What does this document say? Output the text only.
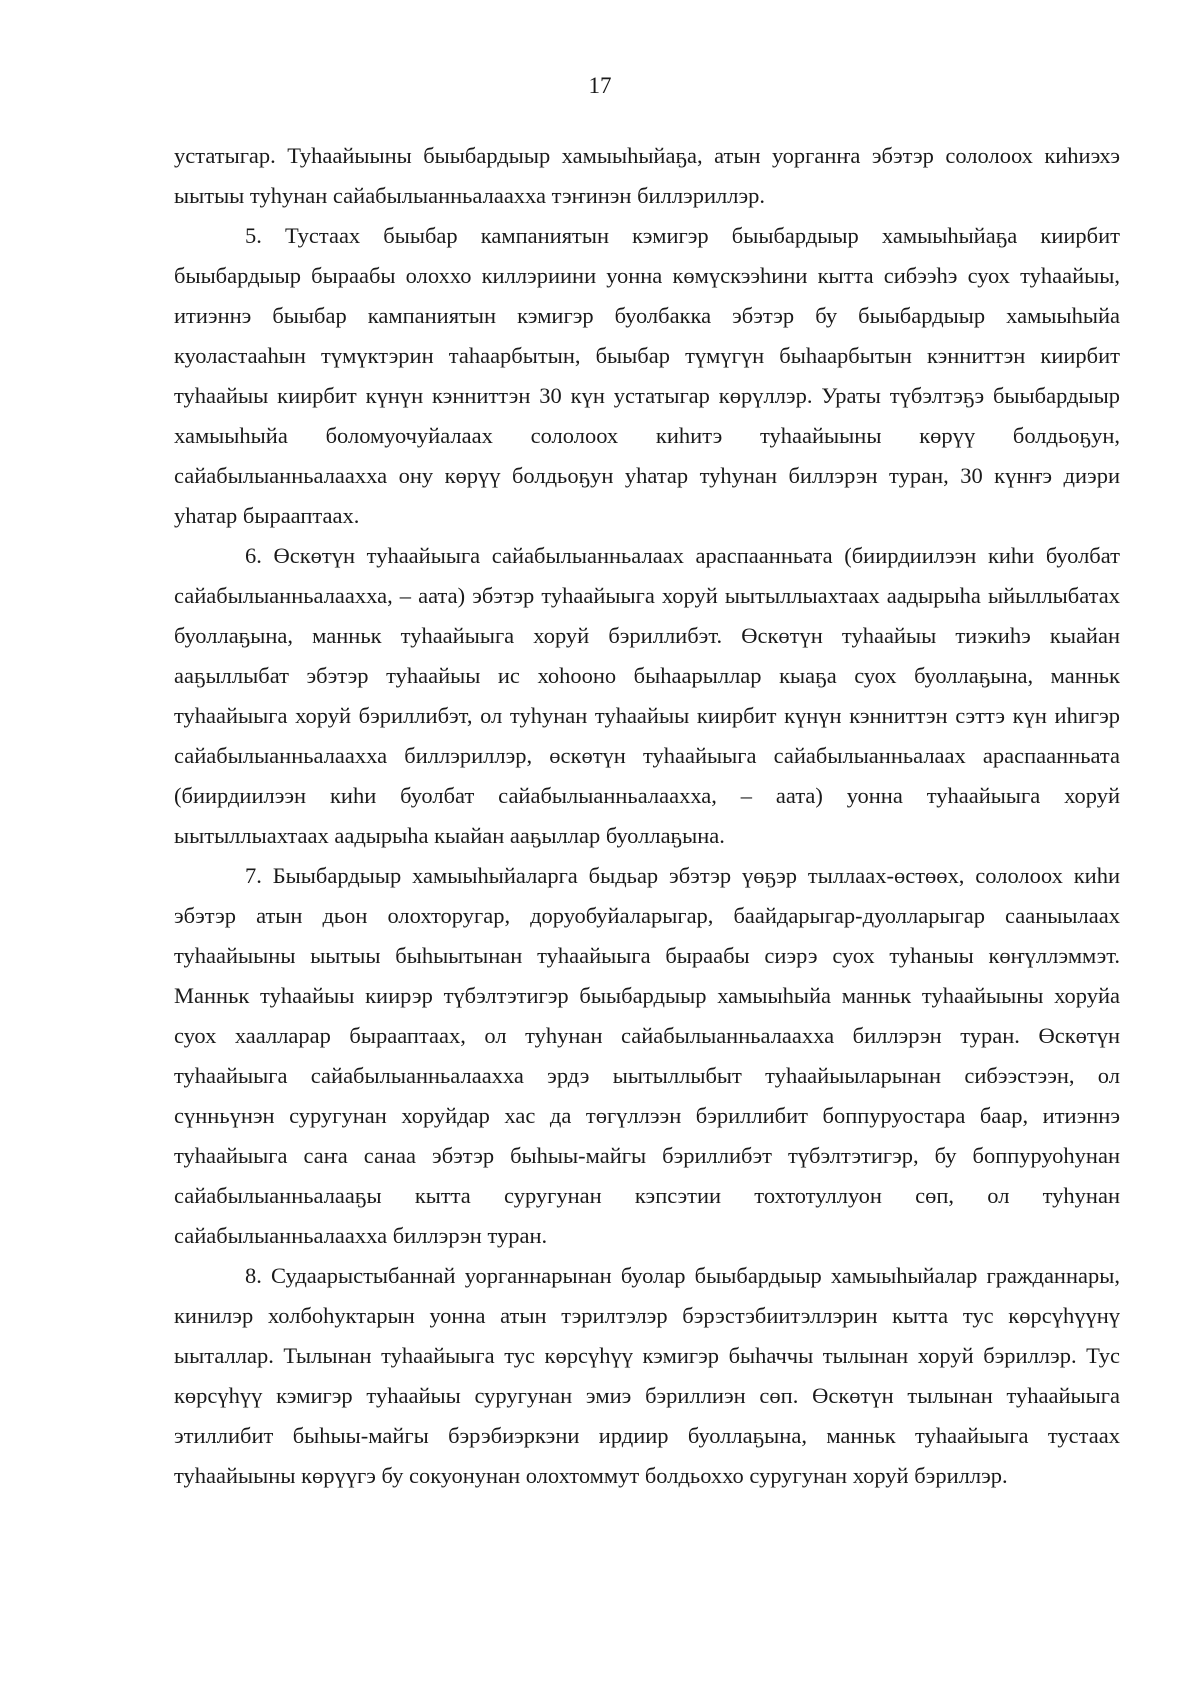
17

устатыгар. Туһаайыыны быыбардыыр хамыыһыйаҕа, атын уорганҥа эбэтэр сололоох киһиэхэ ыытыы туһунан сайабылыанньалаахха тэҥинэн биллэриллэр.

5. Тустаах быыбар кампаниятын кэмигэр быыбардыыр хамыыһыйаҕа киирбит быыбардыыр быраабы олоххо киллэриини уонна көмүскээһини кытта сибээһэ суох туһаайыы, итиэннэ быыбар кампаниятын кэмигэр буолбакка эбэтэр бу быыбардыыр хамыыһыйа куоластааһын түмүктэрин таһаарбытын, быыбар түмүгүн быһаарбытын кэнниттэн киирбит туһаайыы киирбит күнүн кэнниттэн 30 күн устатыгар көрүллэр. Ураты түбэлтэҕэ быыбардыыр хамыыһыйа боломуочуйалаах сололоох киһитэ туһаайыыны көрүү болдьоҕун, сайабылыанньалаахха ону көрүү болдьоҕун уһатар туһунан биллэрэн туран, 30 күнҥэ диэри уһатар бырааптаах.

6. Өскөтүн туһаайыыга сайабылыанньалаах араспаанньата (биирдиилээн киһи буолбат сайабылыанньалаахха, – аата) эбэтэр туһаайыыга хоруй ыытыллыахтаах аадырыһа ыйыллыбатах буоллаҕына, манньк туһаайыыга хоруй бэриллибэт. Өскөтүн туһаайыы тиэкиһэ кыайан ааҕыллыбат эбэтэр туһаайыы ис хоһооно быһаарыллар кыаҕа суох буоллаҕына, манньк туһаайыыга хоруй бэриллибэт, ол туһунан туһаайыы киирбит күнүн кэнниттэн сэттэ күн иһигэр сайабылыанньалаахха биллэриллэр, өскөтүн туһаайыыга сайабылыанньалаах араспаанньата (биирдиилээн киһи буолбат сайабылыанньалаахха, – аата) уонна туһаайыыга хоруй ыытыллыахтаах аадырыһа кыайан ааҕыллар буоллаҕына.

7. Быыбардыыр хамыыһыйаларга быдьар эбэтэр үөҕэр тыллаах-өстөөх, сололоох киһи эбэтэр атын дьон олохторугар, доруобуйаларыгар, баайдарыгар-дуолларыгар сааныылаах туһаайыыны ыытыы быһыытынан туһаайыыга быраабы сиэрэ суох туһаныы көҥүллэммэт. Манньк туһаайыы киирэр түбэлтэтигэр быыбардыыр хамыыһыйа манньк туһаайыыны хоруйа суох хаалларар бырааптаах, ол туһунан сайабылыанньалаахха биллэрэн туран. Өскөтүн туһаайыыга сайабылыанньалаахха эрдэ ыытыллыбыт туһаайыыларынан сибээстээн, ол сүнньүнэн суругунан хоруйдар хас да төгүллээн бэриллибит боппуруостара баар, итиэннэ туһаайыыга саҥа санаа эбэтэр быһыы-майгы бэриллибэт түбэлтэтигэр, бу боппуруоһунан сайабылыанньалааҕы кытта суругунан кэпсэтии тохтотуллуон сөп, ол туһунан сайабылыанньалаахха биллэрэн туран.

8. Судаарыстыбаннай уорганнарынан буолар быыбардыыр хамыыһыйалар гражданнары, кинилэр холбоһуктарын уонна атын тэрилтэлэр бэрэстэбиитэллэрин кытта тус көрсүһүүнү ыыталлар. Тылынан туһаайыыга тус көрсүһүү кэмигэр быһаччы тылынан хоруй бэриллэр. Тус көрсүһүү кэмигэр туһаайыы суругунан эмиэ бэриллиэн сөп. Өскөтүн тылынан туһаайыыга этиллибит быһыы-майгы бэрэбиэркэни ирдиир буоллаҕына, манньк туһаайыыга тустаах туһаайыыны көрүүгэ бу сокуонунан олохтоммут болдьоххо суругунан хоруй бэриллэр.
